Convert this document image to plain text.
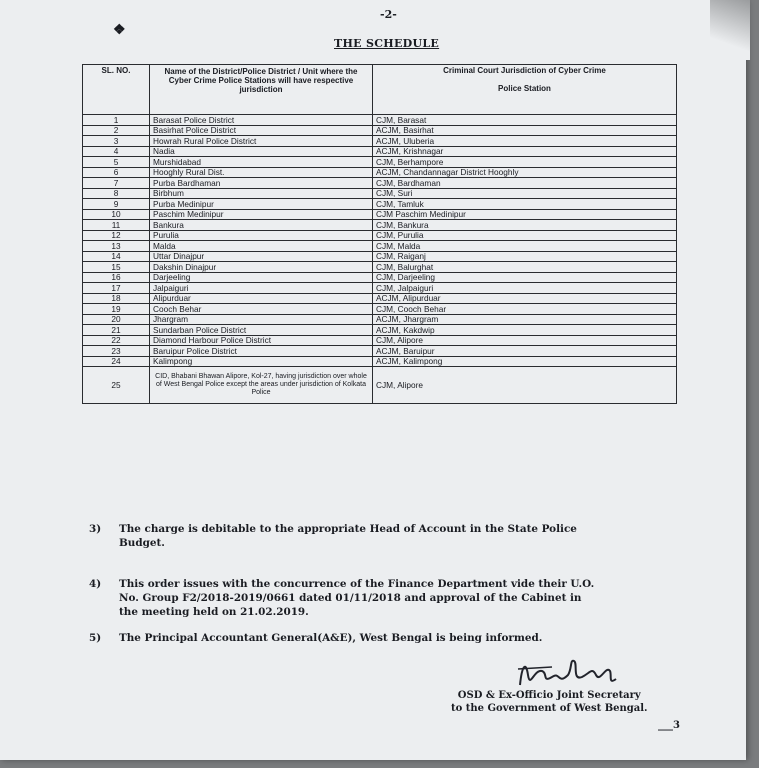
-2-
❖
THE SCHEDULE
SL. NO.	Name of the District/Police District / Unit where the Cyber Crime Police Stations will have respective jurisdiction	Criminal Court Jurisdiction of Cyber Crime
Police Station

1	Barasat Police District	CJM, Barasat
2	Basirhat Police District	ACJM, Basirhat
3	Howrah Rural Police District	ACJM, Uluberia
4	Nadia	ACJM, Krishnagar
5	Murshidabad	CJM, Berhampore
6	Hooghly Rural Dist.	ACJM, Chandannagar District Hooghly
7	Purba Bardhaman	CJM, Bardhaman
8	Birbhum	CJM, Suri
9	Purba Medinipur	CJM, Tamluk
10	Paschim Medinipur	CJM Paschim Medinipur
11	Bankura	CJM, Bankura
12	Purulia	CJM, Purulia
13	Malda	CJM, Malda
14	Uttar Dinajpur	CJM, Raiganj
15	Dakshin Dinajpur	CJM, Balurghat
16	Darjeeling	CJM, Darjeeling
17	Jalpaiguri	CJM, Jalpaiguri
18	Alipurduar	ACJM, Alipurduar
19	Cooch Behar	CJM, Cooch Behar
20	Jhargram	ACJM, Jhargram
21	Sundarban Police District	ACJM, Kakdwip
22	Diamond Harbour Police District	CJM, Alipore
23	Baruipur Police District	ACJM, Baruipur
24	Kalimpong	ACJM, Kalimpong
25	CID, Bhabani Bhawan Alipore, Kol-27, having jurisdiction over whole of West Bengal Police except the areas under jurisdiction of Kolkata Police	CJM, Alipore
3) The charge is debitable to the appropriate Head of Account in the State Police
Budget.
4) This order issues with the concurrence of the Finance Department vide their U.O.
No. Group F2/2018-2019/0661 dated 01/11/2018 and approval of the Cabinet in
the meeting held on 21.02.2019.
5) The Principal Accountant General(A&E), West Bengal is being informed.
OSD & Ex-Officio Joint Secretary
to the Government of West Bengal.
___3
